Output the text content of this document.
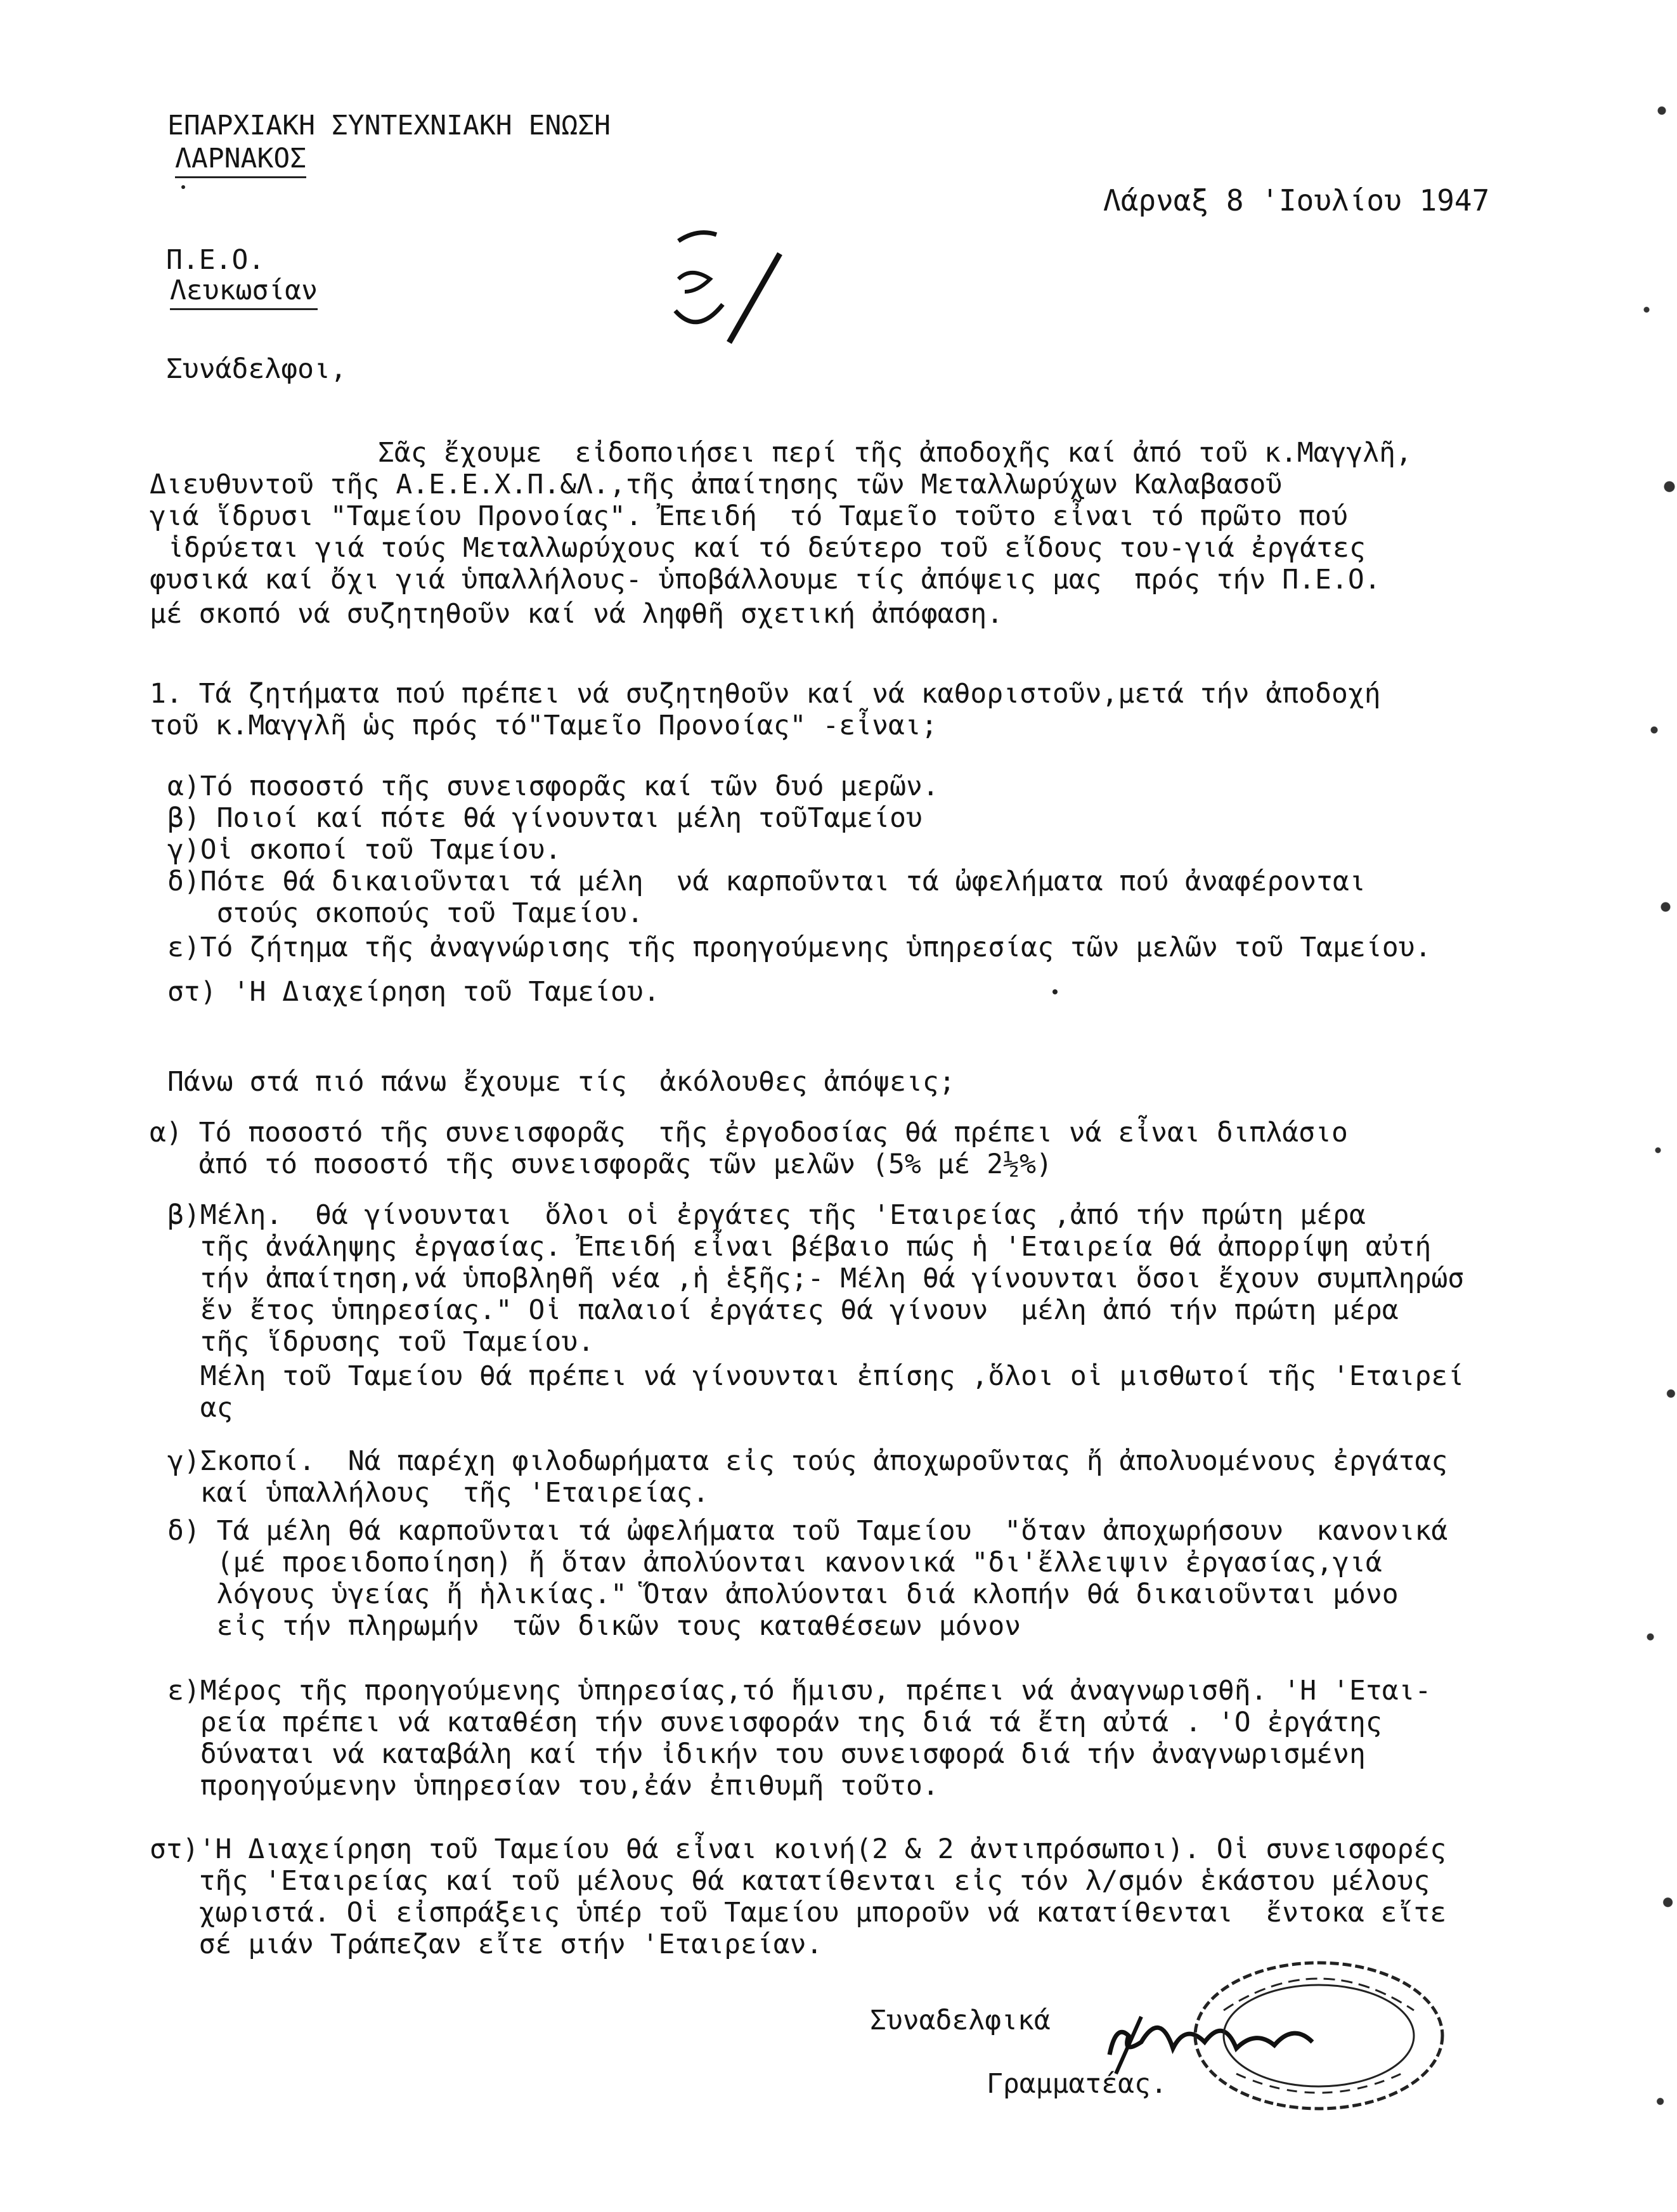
ΕΠΑΡΧΙΑΚΗ ΣΥΝΤΕΧΝΙΑΚΗ ΕΝΩΣΗ
ΛΑΡΝΑΚΟΣ
Λάρναξ 8 'Ιουλίου 1947
Π.Ε.Ο.
Λευκωσίαν
Συνάδελφοι,
Σᾶς ἔχουμε  εἰδοποιήσει περί τῆς ἀποδοχῆς καί ἀπό τοῦ κ.Μαγγλῆ,
Διευθυντοῦ τῆς Α.Ε.Ε.Χ.Π.&Λ.,τῆς ἀπαίτησης τῶν Μεταλλωρύχων Καλαβασοῦ
γιά ἵδρυσι "Ταμείου Προνοίας". Ἐπειδή  τό Ταμεῖο τοῦτο εἶναι τό πρῶτο πού
ἱδρύεται γιά τούς Μεταλλωρύχους καί τό δεύτερο τοῦ εἴδους του-γιά ἐργάτες
φυσικά καί ὄχι γιά ὑπαλλήλους- ὑποβάλλουμε τίς ἀπόψεις μας  πρός τήν Π.Ε.Ο.
μέ σκοπό νά συζητηθοῦν καί νά ληφθῆ σχετική ἀπόφαση.
1. Τά ζητήματα πού πρέπει νά συζητηθοῦν καί νά καθοριστοῦν,μετά τήν ἀποδοχή
τοῦ κ.Μαγγλῆ ὡς πρός τό"Ταμεῖο Προνοίας" -εἶναι;
α)Τό ποσοστό τῆς συνεισφορᾶς καί τῶν δυό μερῶν.
β) Ποιοί καί πότε θά γίνουνται μέλη τοῦΤαμείου
γ)Οἱ σκοποί τοῦ Ταμείου.
δ)Πότε θά δικαιοῦνται τά μέλη  νά καρποῦνται τά ὠφελήματα πού ἀναφέρονται
στούς σκοπούς τοῦ Ταμείου.
ε)Τό ζήτημα τῆς ἀναγνώρισης τῆς προηγούμενης ὑπηρεσίας τῶν μελῶν τοῦ Ταμείου.
στ) 'Η Διαχείρηση τοῦ Ταμείου.
Πάνω στά πιό πάνω ἔχουμε τίς  ἀκόλουθες ἀπόψεις;
α) Τό ποσοστό τῆς συνεισφορᾶς  τῆς ἐργοδοσίας θά πρέπει νά εἶναι διπλάσιο
ἀπό τό ποσοστό τῆς συνεισφορᾶς τῶν μελῶν (5% μέ 2½%)
β)Μέλη.  θά γίνουνται  ὅλοι οἱ ἐργάτες τῆς 'Εταιρείας ,ἀπό τήν πρώτη μέρα
τῆς ἀνάληψης ἐργασίας. Ἐπειδή εἶναι βέβαιο πώς ἡ 'Εταιρεία θά ἀπορρίψη αὐτή
τήν ἀπαίτηση,νά ὑποβληθῆ νέα ,ἡ ἑξῆς;- Μέλη θά γίνουνται ὅσοι ἔχουν συμπληρώσ
ἕν ἔτος ὑπηρεσίας." Οἱ παλαιοί ἐργάτες θά γίνουν  μέλη ἀπό τήν πρώτη μέρα
τῆς ἵδρυσης τοῦ Ταμείου.
Μέλη τοῦ Ταμείου θά πρέπει νά γίνουνται ἐπίσης ,ὅλοι οἱ μισθωτοί τῆς 'Εταιρεί
ας
γ)Σκοποί.  Νά παρέχη φιλοδωρήματα εἰς τούς ἀποχωροῦντας ἤ ἀπολυομένους ἐργάτας
καί ὑπαλλήλους  τῆς 'Εταιρείας.
δ) Τά μέλη θά καρποῦνται τά ὠφελήματα τοῦ Ταμείου  "ὅταν ἀποχωρήσουν  κανονικά
(μέ προειδοποίηση) ἤ ὅταν ἀπολύονται κανονικά "δι'ἔλλειψιν ἐργασίας,γιά
λόγους ὑγείας ἤ ἡλικίας." Ὅταν ἀπολύονται διά κλοπήν θά δικαιοῦνται μόνο
εἰς τήν πληρωμήν  τῶν δικῶν τους καταθέσεων μόνον
ε)Μέρος τῆς προηγούμενης ὑπηρεσίας,τό ἥμισυ, πρέπει νά ἀναγνωρισθῆ. 'Η 'Εται-
ρεία πρέπει νά καταθέση τήν συνεισφοράν της διά τά ἔτη αὐτά . 'Ο ἐργάτης
δύναται νά καταβάλη καί τήν ἰδικήν του συνεισφορά διά τήν ἀναγνωρισμένη
προηγούμενην ὑπηρεσίαν του,ἐάν ἐπιθυμῆ τοῦτο.
στ)'Η Διαχείρηση τοῦ Ταμείου θά εἶναι κοινή(2 & 2 ἀντιπρόσωποι). Οἱ συνεισφορές
τῆς 'Εταιρείας καί τοῦ μέλους θά κατατίθενται εἰς τόν λ/σμόν ἑκάστου μέλους
χωριστά. Οἱ εἰσπράξεις ὑπέρ τοῦ Ταμείου μποροῦν νά κατατίθενται  ἔντοκα εἴτε
σέ μιάν Τράπεζαν εἴτε στήν 'Εταιρείαν.
Συναδελφικά
Γραμματέας.
